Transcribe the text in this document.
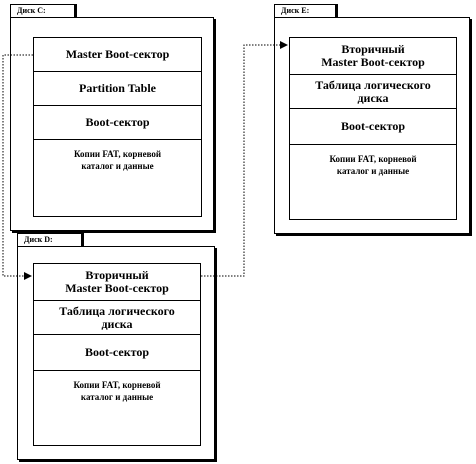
Диск C:
Master Boot-сектор
Partition Table
Boot-сектор
Копии FAT, корневой
каталог и данные
Диск D:
Вторичный
Master Boot-сектор
Таблица логического
диска
Boot-сектор
Копии FAT, корневой
каталог и данные
Диск E:
Вторичный
Master Boot-сектор
Таблица логического
диска
Boot-сектор
Копии FAT, корневой
каталог и данные
